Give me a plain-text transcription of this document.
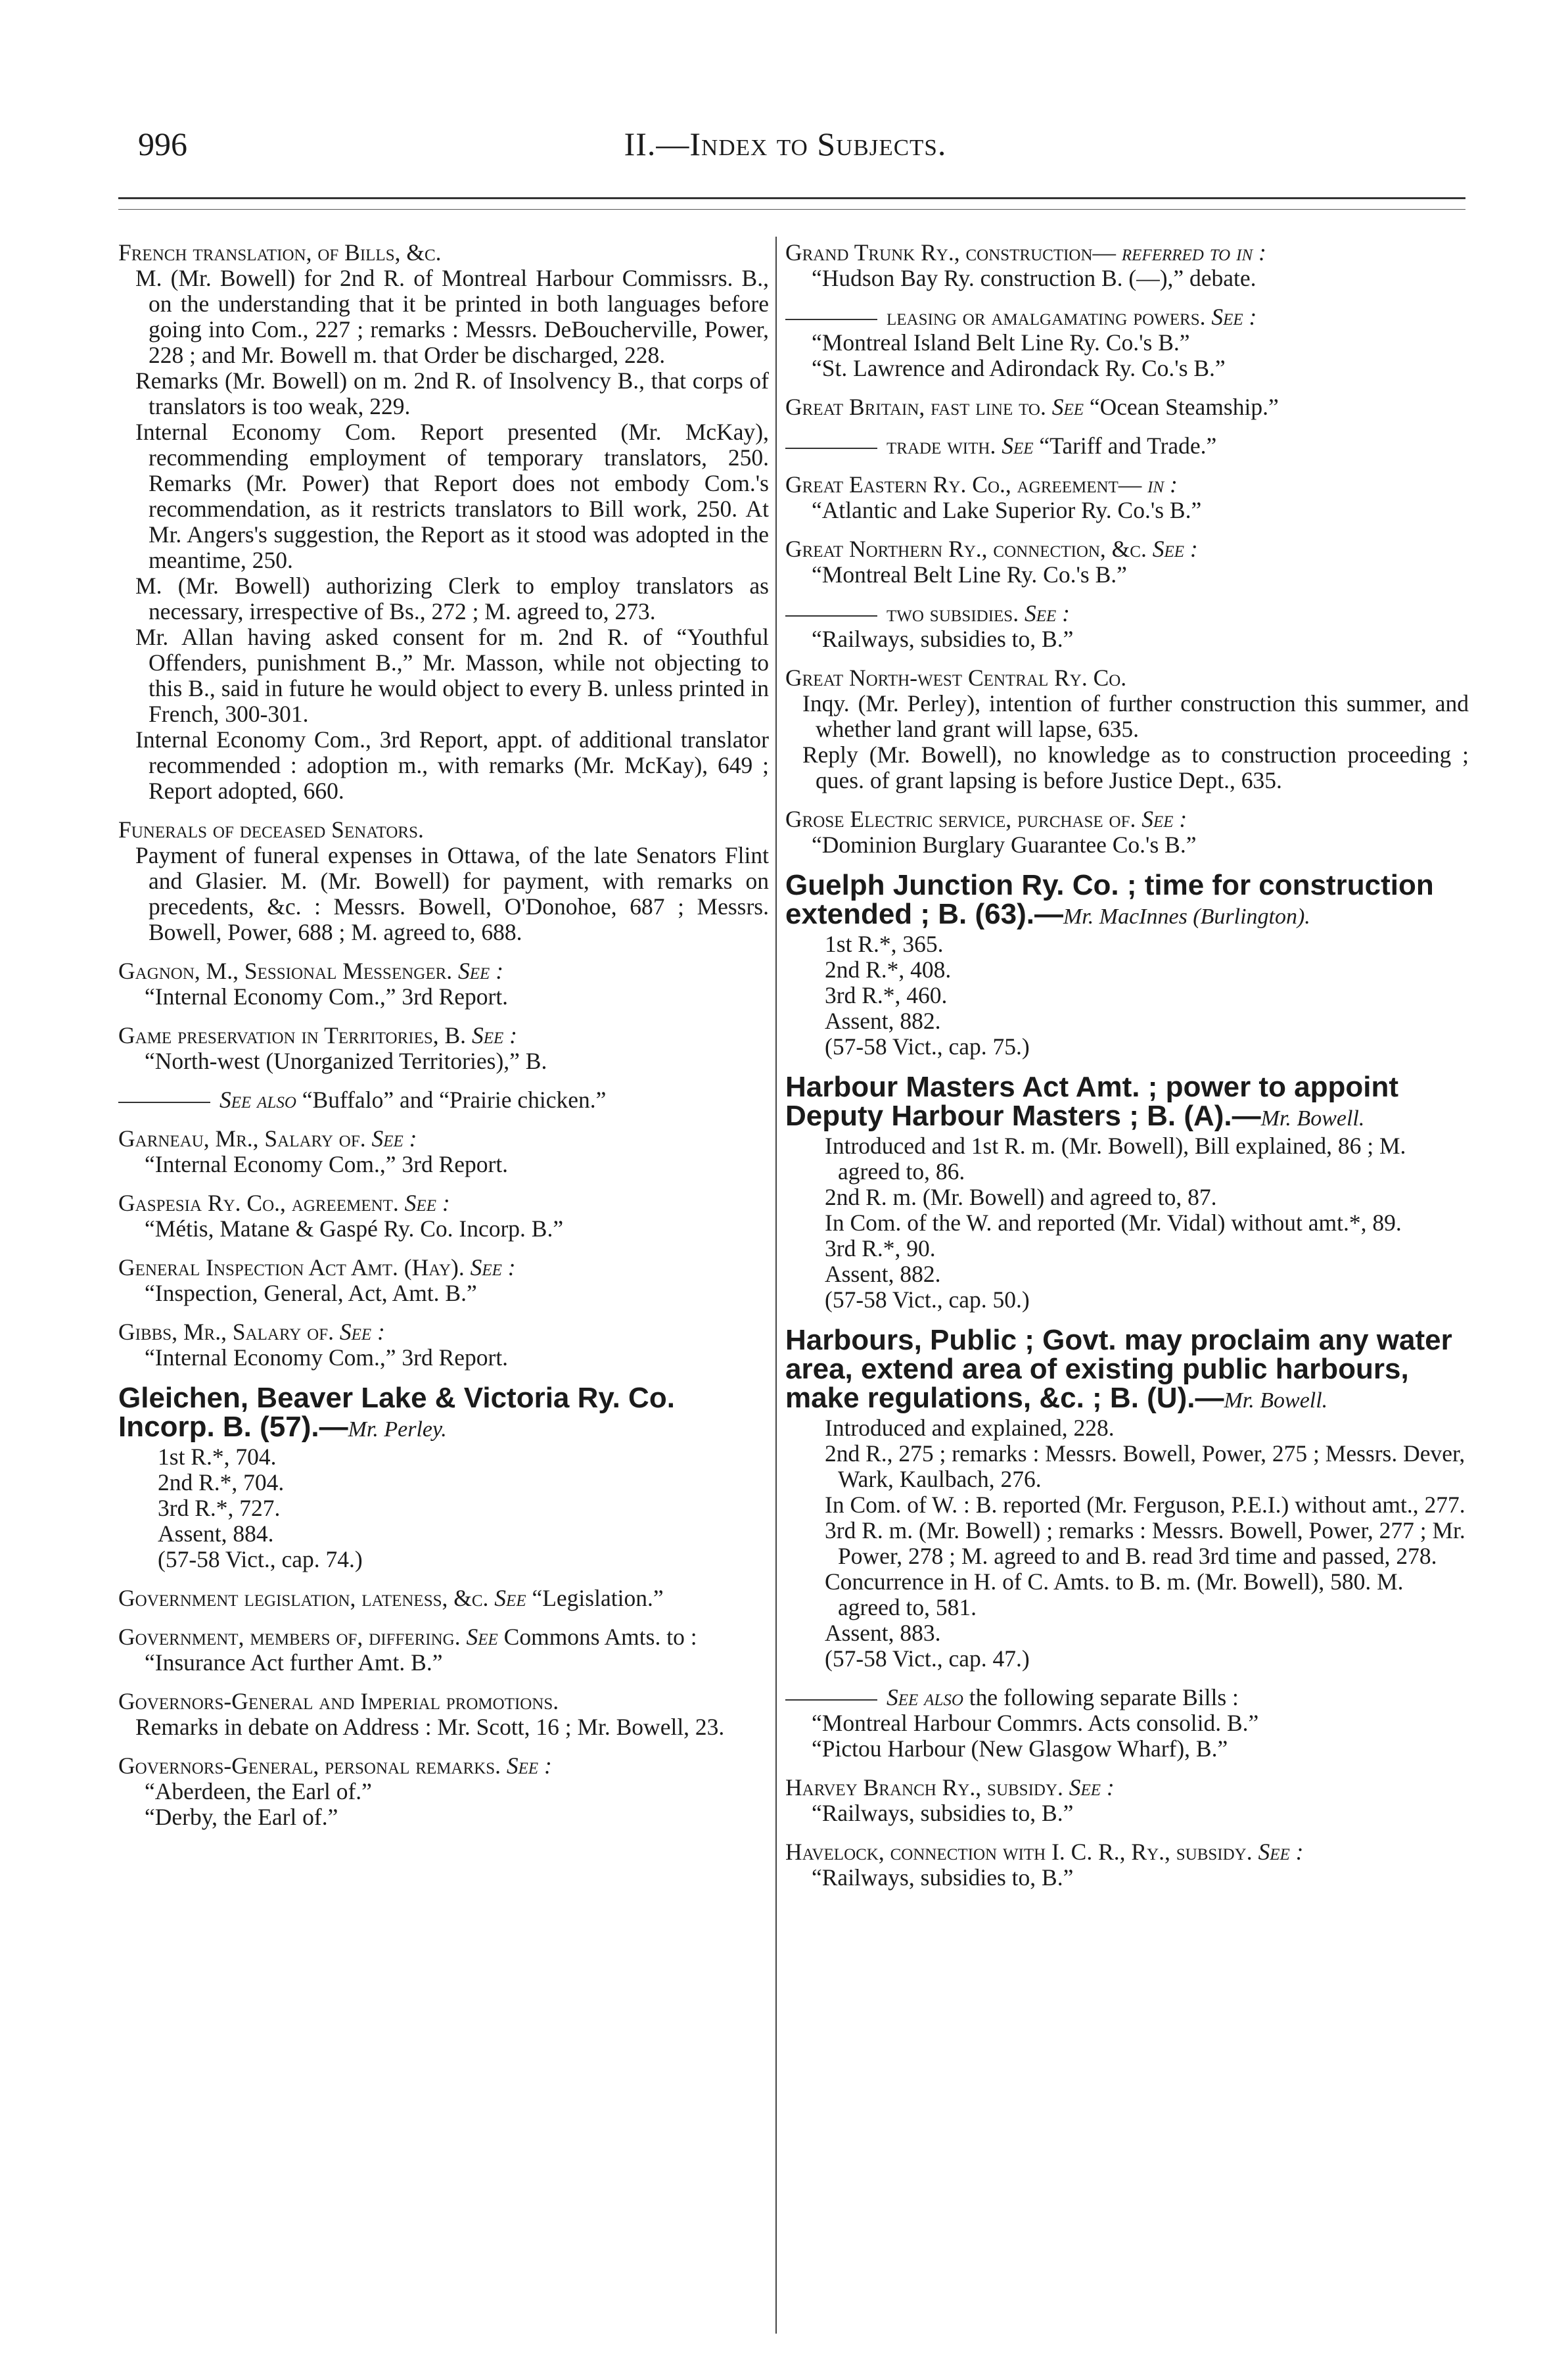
996	II.—Index to Subjects.
French translation, of Bills, &c.
M. (Mr. Bowell) for 2nd R. of Montreal Harbour Commissrs. B., on the understanding that it be printed in both languages before going into Com., 227 ; remarks : Messrs. DeBoucherville, Power, 228 ; and Mr. Bowell m. that Order be discharged, 228.
Remarks (Mr. Bowell) on m. 2nd R. of Insolvency B., that corps of translators is too weak, 229.
Internal Economy Com. Report presented (Mr. McKay), recommending employment of temporary translators, 250. Remarks (Mr. Power) that Report does not embody Com.'s recommendation, as it restricts translators to Bill work, 250. At Mr. Angers's suggestion, the Report as it stood was adopted in the meantime, 250.
M. (Mr. Bowell) authorizing Clerk to employ translators as necessary, irrespective of Bs., 272 ; M. agreed to, 273.
Mr. Allan having asked consent for m. 2nd R. of “Youthful Offenders, punishment B.,” Mr. Masson, while not objecting to this B., said in future he would object to every B. unless printed in French, 300-301.
Internal Economy Com., 3rd Report, appt. of additional translator recommended : adoption m., with remarks (Mr. McKay), 649 ; Report adopted, 660.
Funerals of deceased Senators.
Payment of funeral expenses in Ottawa, of the late Senators Flint and Glasier. M. (Mr. Bowell) for payment, with remarks on precedents, &c. : Messrs. Bowell, O'Donohoe, 687 ; Messrs. Bowell, Power, 688 ; M. agreed to, 688.
Gagnon, M., Sessional Messenger. See :
“Internal Economy Com.,” 3rd Report.
Game preservation in Territories, B. See :
“North-west (Unorganized Territories),” B.
See also “Buffalo” and “Prairie chicken.”
Garneau, Mr., Salary of. See :
“Internal Economy Com.,” 3rd Report.
Gaspesia Ry. Co., agreement. See :
“Métis, Matane & Gaspé Ry. Co. Incorp. B.”
General Inspection Act Amt. (Hay). See :
“Inspection, General, Act, Amt. B.”
Gibbs, Mr., Salary of. See :
“Internal Economy Com.,” 3rd Report.
Gleichen, Beaver Lake & Victoria Ry. Co. Incorp. B. (57).—Mr. Perley.
1st R.*, 704.
2nd R.*, 704.
3rd R.*, 727.
Assent, 884.
(57-58 Vict., cap. 74.)
Government legislation, lateness, &c. See “Legislation.”
Government, members of, differing. See Commons Amts. to :
“Insurance Act further Amt. B.”
Governors-General and Imperial promotions.
Remarks in debate on Address : Mr. Scott, 16 ; Mr. Bowell, 23.
Governors-General, personal remarks. See :
“Aberdeen, the Earl of.”
“Derby, the Earl of.”
Grand Trunk Ry., construction— referred to in :
“Hudson Bay Ry. construction B. (—),” debate.
leasing or amalgamating powers. See :
“Montreal Island Belt Line Ry. Co.'s B.”
“St. Lawrence and Adirondack Ry. Co.'s B.”
Great Britain, fast line to. See “Ocean Steamship.”
trade with. See “Tariff and Trade.”
Great Eastern Ry. Co., agreement— in :
“Atlantic and Lake Superior Ry. Co.'s B.”
Great Northern Ry., connection, &c. See :
“Montreal Belt Line Ry. Co.'s B.”
two subsidies. See :
“Railways, subsidies to, B.”
Great North-west Central Ry. Co.
Inqy. (Mr. Perley), intention of further construction this summer, and whether land grant will lapse, 635.
Reply (Mr. Bowell), no knowledge as to construction proceeding ; ques. of grant lapsing is before Justice Dept., 635.
Grose Electric service, purchase of. See :
“Dominion Burglary Guarantee Co.'s B.”
Guelph Junction Ry. Co. ; time for construction extended ; B. (63).—Mr. MacInnes (Burlington).
1st R.*, 365.
2nd R.*, 408.
3rd R.*, 460.
Assent, 882.
(57-58 Vict., cap. 75.)
Harbour Masters Act Amt. ; power to appoint Deputy Harbour Masters ; B. (A).—Mr. Bowell.
Introduced and 1st R. m. (Mr. Bowell), Bill explained, 86 ; M. agreed to, 86.
2nd R. m. (Mr. Bowell) and agreed to, 87.
In Com. of the W. and reported (Mr. Vidal) without amt.*, 89.
3rd R.*, 90.
Assent, 882.
(57-58 Vict., cap. 50.)
Harbours, Public ; Govt. may proclaim any water area, extend area of existing public harbours, make regulations, &c. ; B. (U).—Mr. Bowell.
Introduced and explained, 228.
2nd R., 275 ; remarks : Messrs. Bowell, Power, 275 ; Messrs. Dever, Wark, Kaulbach, 276.
In Com. of W. : B. reported (Mr. Ferguson, P.E.I.) without amt., 277.
3rd R. m. (Mr. Bowell) ; remarks : Messrs. Bowell, Power, 277 ; Mr. Power, 278 ; M. agreed to and B. read 3rd time and passed, 278.
Concurrence in H. of C. Amts. to B. m. (Mr. Bowell), 580. M. agreed to, 581.
Assent, 883.
(57-58 Vict., cap. 47.)
See also the following separate Bills :
“Montreal Harbour Commrs. Acts consolid. B.”
“Pictou Harbour (New Glasgow Wharf), B.”
Harvey Branch Ry., subsidy. See :
“Railways, subsidies to, B.”
Havelock, connection with I. C. R., Ry., subsidy. See :
“Railways, subsidies to, B.”
